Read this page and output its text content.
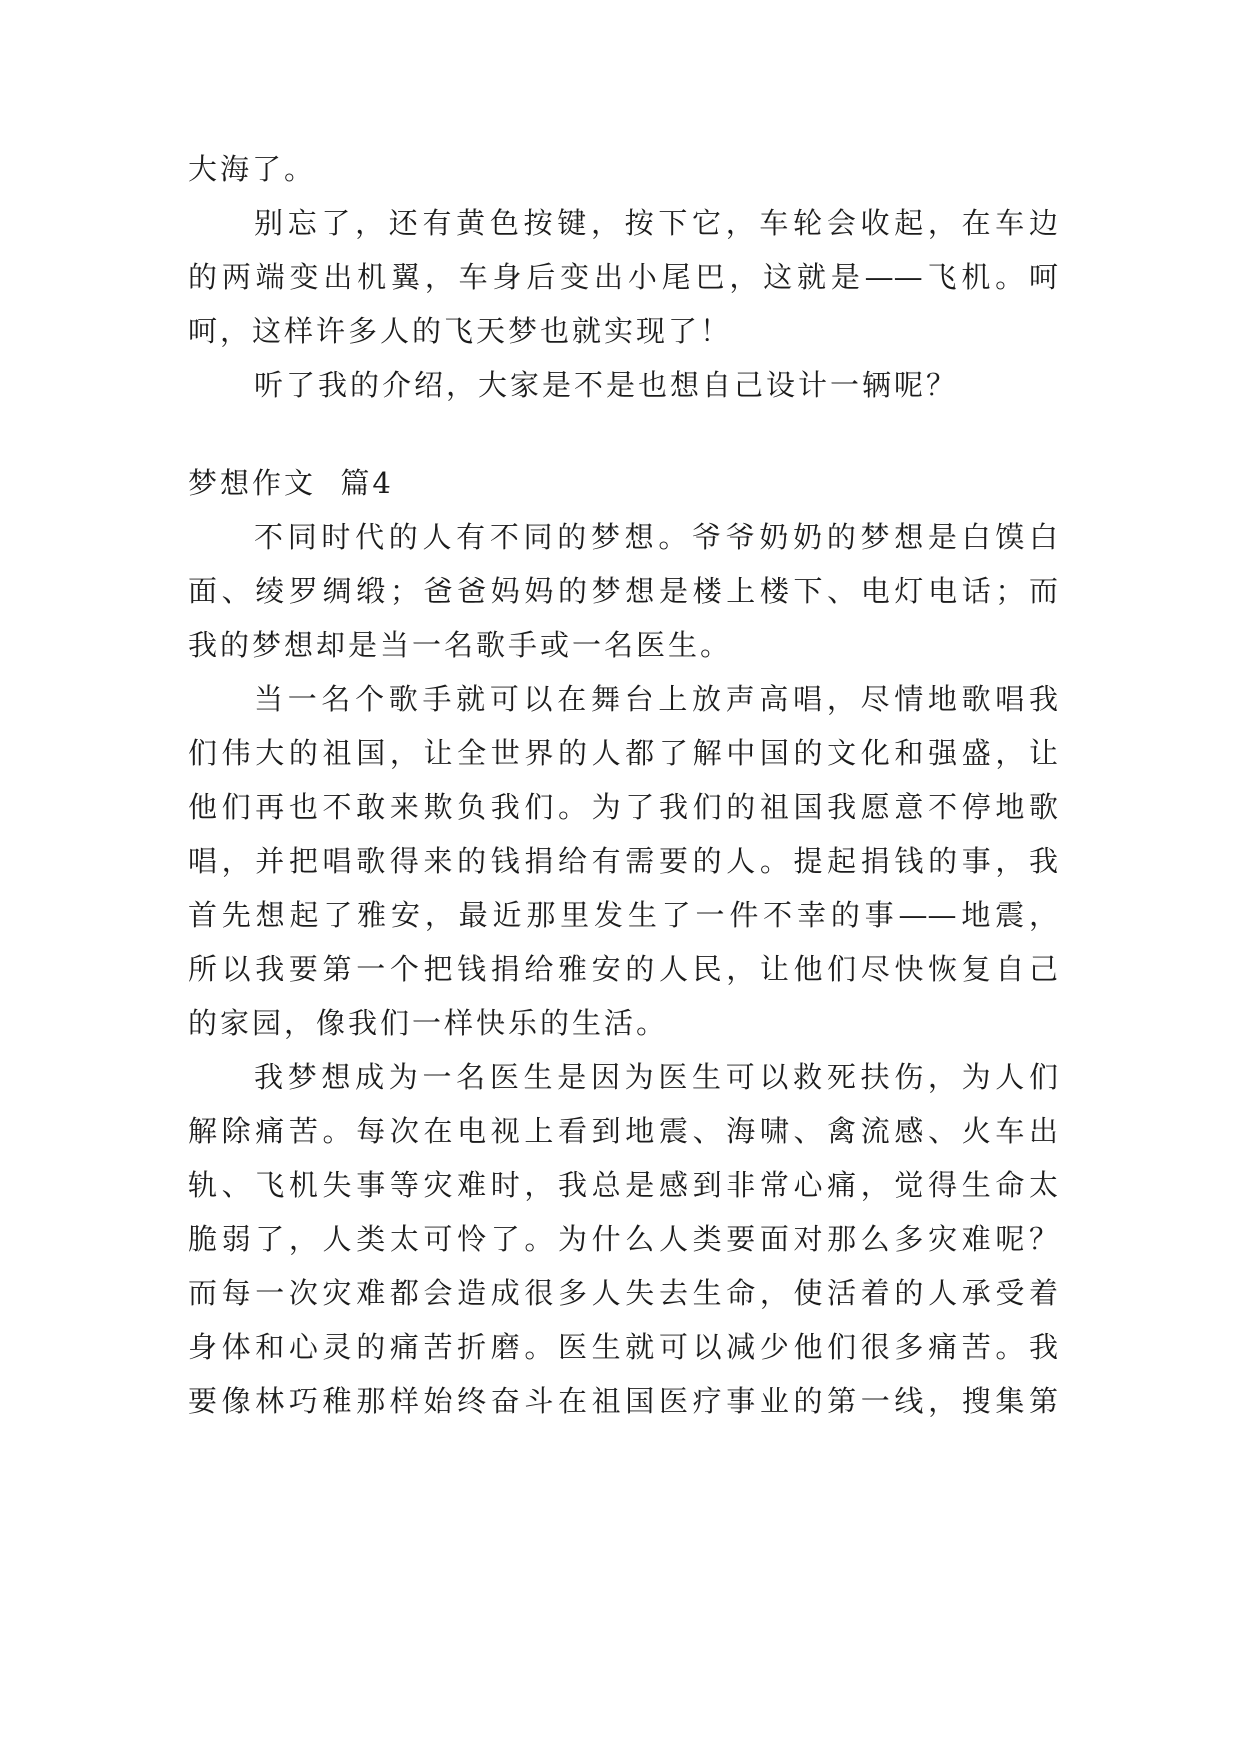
大海了。

别忘了，还有黄色按键，按下它，车轮会收起，在车边

的两端变出机翼，车身后变出小尾巴，这就是——飞机。呵

呵，这样许多人的飞天梦也就实现了！

听了我的介绍，大家是不是也想自己设计一辆呢？

梦想作文  篇4

不同时代的人有不同的梦想。爷爷奶奶的梦想是白馍白

面、绫罗绸缎；爸爸妈妈的梦想是楼上楼下、电灯电话；而

我的梦想却是当一名歌手或一名医生。

当一名个歌手就可以在舞台上放声高唱，尽情地歌唱我

们伟大的祖国，让全世界的人都了解中国的文化和强盛，让

他们再也不敢来欺负我们。为了我们的祖国我愿意不停地歌

唱，并把唱歌得来的钱捐给有需要的人。提起捐钱的事，我

首先想起了雅安，最近那里发生了一件不幸的事——地震，

所以我要第一个把钱捐给雅安的人民，让他们尽快恢复自己

的家园，像我们一样快乐的生活。

我梦想成为一名医生是因为医生可以救死扶伤，为人们

解除痛苦。每次在电视上看到地震、海啸、禽流感、火车出

轨、飞机失事等灾难时，我总是感到非常心痛，觉得生命太

脆弱了，人类太可怜了。为什么人类要面对那么多灾难呢？

而每一次灾难都会造成很多人失去生命，使活着的人承受着

身体和心灵的痛苦折磨。医生就可以减少他们很多痛苦。我

要像林巧稚那样始终奋斗在祖国医疗事业的第一线，搜集第
